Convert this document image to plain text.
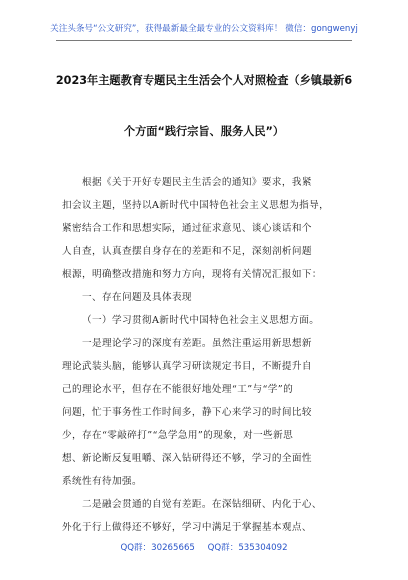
关注头条号“公文研究”，获得最新最全最专业的公文资料库！ 微信：gongwenyj
2023年主题教育专题民主生活会个人对照检查（乡镇最新6
个方面“践行宗旨、服务人民”）
根据《关于开好专题民主生活会的通知》要求，我紧
扣会议主题，坚持以A新时代中国特色社会主义思想为指导，
紧密结合工作和思想实际，通过征求意见、谈心谈话和个
人自查，认真查摆自身存在的差距和不足，深刻剖析问题
根源，明确整改措施和努力方向，现将有关情况汇报如下：
一、存在问题及具体表现
（一）学习贯彻A新时代中国特色社会主义思想方面。
一是理论学习的深度有差距。虽然注重运用新思想新
理论武装头脑，能够认真学习研读规定书目，不断提升自
己的理论水平，但存在不能很好地处理“工”与“学”的
问题，忙于事务性工作时间多，静下心来学习的时间比较
少，存在“零敲碎打”“急学急用”的现象，对一些新思
想、新论断反复咀嚼、深入钻研得还不够，学习的全面性
系统性有待加强。
二是融会贯通的自觉有差距。在深钻细研、内化于心、
外化于行上做得还不够好，学习中满足于掌握基本观点、
QQ群：30265665 QQ群：535304092
